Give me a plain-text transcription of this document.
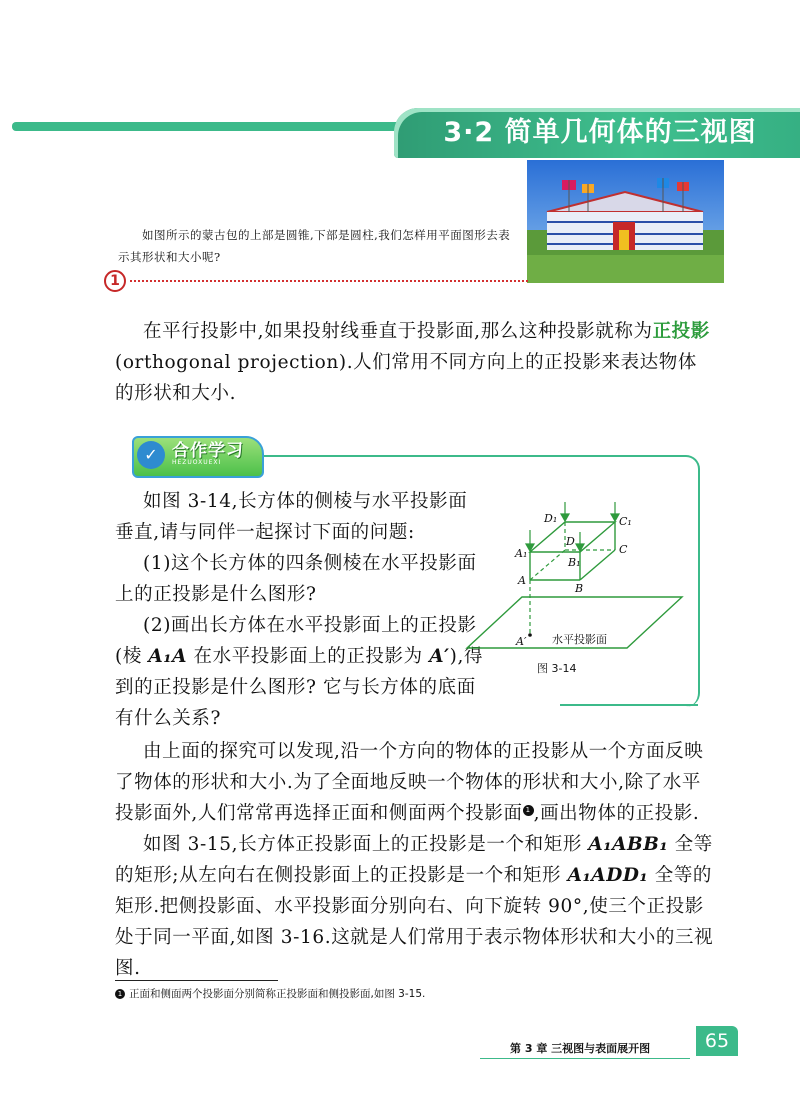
3·2 简单几何体的三视图
如图所示的蒙古包的上部是圆锥,下部是圆柱,我们怎样用平面图形去表示其形状和大小呢?
1
在平行投影中,如果投射线垂直于投影面,那么这种投影就称为正投影(orthogonal projection).人们常用不同方向上的正投影来表达物体的形状和大小.
✓ 合作学习
HEZUOXUEXI

如图 3-14,长方体的侧棱与水平投影面垂直,请与同伴一起探讨下面的问题:

(1)这个长方体的四条侧棱在水平投影面上的正投影是什么图形?

(2)画出长方体在水平投影面上的正投影(棱 A₁A 在水平投影面上的正投影为 A′),得到的正投影是什么图形? 它与长方体的底面有什么关系?

D₁	C₁
D
C
A₁
B₁
A
B
A′ 水平投影面
图 3-14

由上面的探究可以发现,沿一个方向的物体的正投影从一个方面反映了物体的形状和大小.为了全面地反映一个物体的形状和大小,除了水平投影面外,人们常常再选择正面和侧面两个投影面 1 ,画出物体的正投影.

如图 3-15,长方体正投影面上的正投影是一个和矩形 A₁ABB₁ 全等的矩形;从左向右在侧投影面上的正投影是一个和矩形 A₁ADD₁ 全等的矩形.把侧投影面、水平投影面分别向右、向下旋转 90°,使三个正投影处于同一平面,如图 3-16.这就是人们常用于表示物体形状和大小的三视图.

1 正面和侧面两个投影面分别简称正投影面和侧投影面,如图 3-15.
第 3 章 三视图与表面展开图	65
